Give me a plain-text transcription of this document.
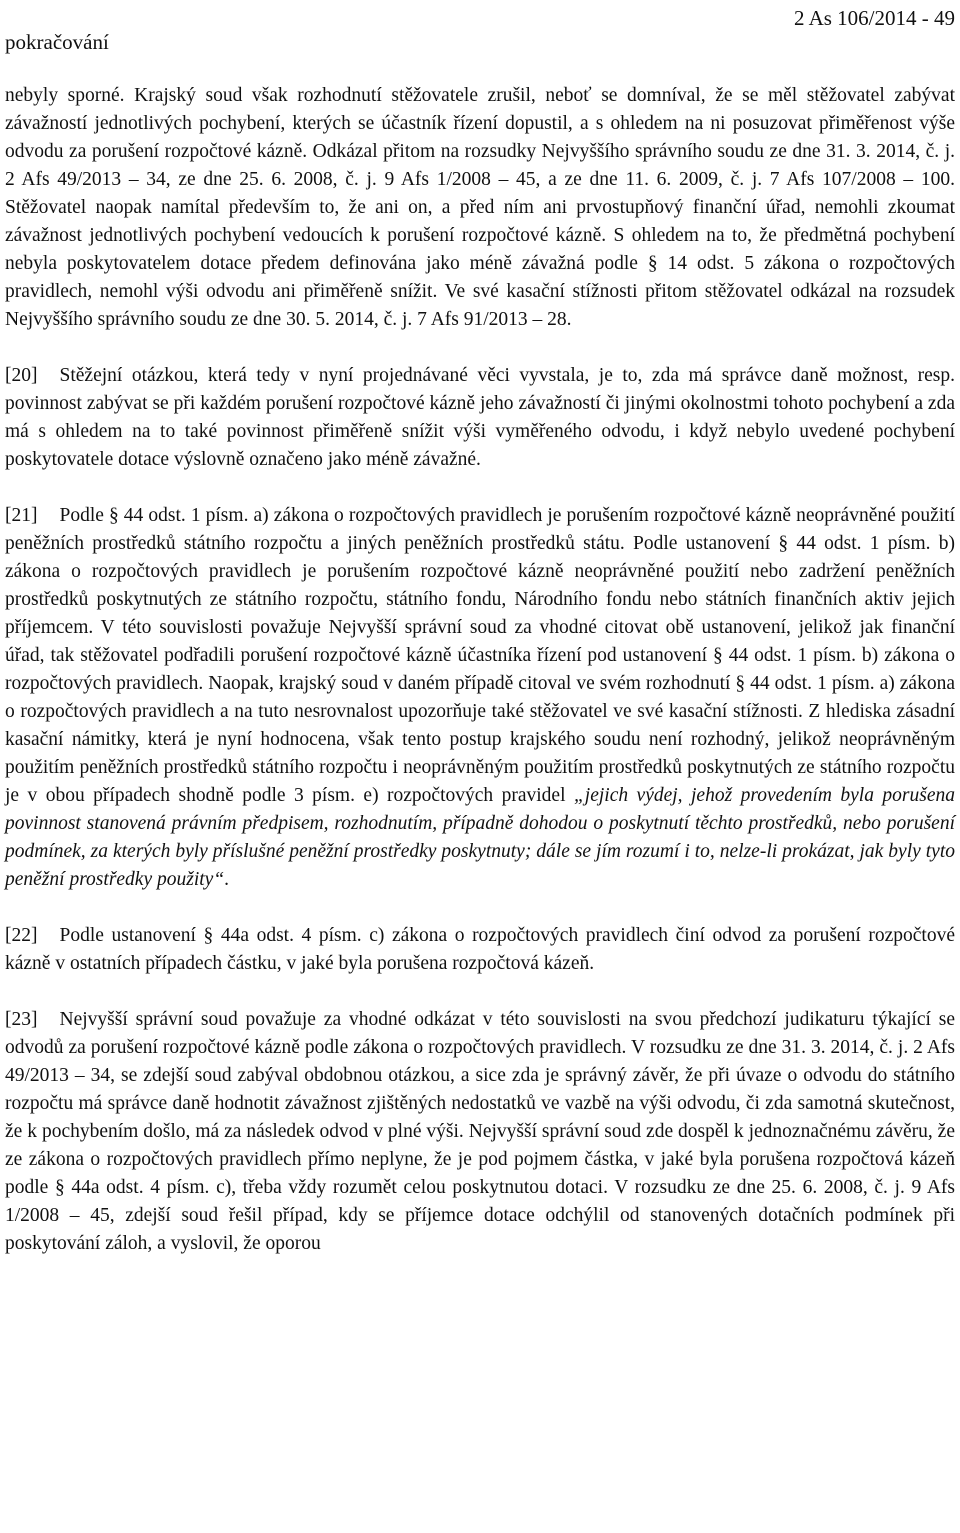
pokračování
2 As 106/2014 - 49

nebyly sporné. Krajský soud však rozhodnutí stěžovatele zrušil, neboť se domníval, že se měl stěžovatel zabývat závažností jednotlivých pochybení, kterých se účastník řízení dopustil, a s ohledem na ni posuzovat přiměřenost výše odvodu za porušení rozpočtové kázně. Odkázal přitom na rozsudky Nejvyššího správního soudu ze dne 31. 3. 2014, č. j. 2 Afs 49/2013 – 34, ze dne 25. 6. 2008, č. j. 9 Afs 1/2008 – 45, a ze dne 11. 6. 2009, č. j. 7 Afs 107/2008 – 100. Stěžovatel naopak namítal především to, že ani on, a před ním ani prvostupňový finanční úřad, nemohli zkoumat závažnost jednotlivých pochybení vedoucích k porušení rozpočtové kázně. S ohledem na to, že předmětná pochybení nebyla poskytovatelem dotace předem definována jako méně závažná podle § 14 odst. 5 zákona o rozpočtových pravidlech, nemohl výši odvodu ani přiměřeně snížit. Ve své kasační stížnosti přitom stěžovatel odkázal na rozsudek Nejvyššího správního soudu ze dne 30. 5. 2014, č. j. 7 Afs 91/2013 – 28.

[20] Stěžejní otázkou, která tedy v nyní projednávané věci vyvstala, je to, zda má správce daně možnost, resp. povinnost zabývat se při každém porušení rozpočtové kázně jeho závažností či jinými okolnostmi tohoto pochybení a zda má s ohledem na to také povinnost přiměřeně snížit výši vyměřeného odvodu, i když nebylo uvedené pochybení poskytovatele dotace výslovně označeno jako méně závažné.

[21] Podle § 44 odst. 1 písm. a) zákona o rozpočtových pravidlech je porušením rozpočtové kázně neoprávněné použití peněžních prostředků státního rozpočtu a jiných peněžních prostředků státu. Podle ustanovení § 44 odst. 1 písm. b) zákona o rozpočtových pravidlech je porušením rozpočtové kázně neoprávněné použití nebo zadržení peněžních prostředků poskytnutých ze státního rozpočtu, státního fondu, Národního fondu nebo státních finančních aktiv jejich příjemcem. V této souvislosti považuje Nejvyšší správní soud za vhodné citovat obě ustanovení, jelikož jak finanční úřad, tak stěžovatel podřadili porušení rozpočtové kázně účastníka řízení pod ustanovení § 44 odst. 1 písm. b) zákona o rozpočtových pravidlech. Naopak, krajský soud v daném případě citoval ve svém rozhodnutí § 44 odst. 1 písm. a) zákona o rozpočtových pravidlech a na tuto nesrovnalost upozorňuje také stěžovatel ve své kasační stížnosti. Z hlediska zásadní kasační námitky, která je nyní hodnocena, však tento postup krajského soudu není rozhodný, jelikož neoprávněným použitím peněžních prostředků státního rozpočtu i neoprávněným použitím prostředků poskytnutých ze státního rozpočtu je v obou případech shodně podle 3 písm. e) rozpočtových pravidel „jejich výdej, jehož provedením byla porušena povinnost stanovená právním předpisem, rozhodnutím, případně dohodou o poskytnutí těchto prostředků, nebo porušení podmínek, za kterých byly příslušné peněžní prostředky poskytnuty; dále se jím rozumí i to, nelze-li prokázat, jak byly tyto peněžní prostředky použity“.

[22] Podle ustanovení § 44a odst. 4 písm. c) zákona o rozpočtových pravidlech činí odvod za porušení rozpočtové kázně v ostatních případech částku, v jaké byla porušena rozpočtová kázeň.

[23] Nejvyšší správní soud považuje za vhodné odkázat v této souvislosti na svou předchozí judikaturu týkající se odvodů za porušení rozpočtové kázně podle zákona o rozpočtových pravidlech. V rozsudku ze dne 31. 3. 2014, č. j. 2 Afs 49/2013 – 34, se zdejší soud zabýval obdobnou otázkou, a sice zda je správný závěr, že při úvaze o odvodu do státního rozpočtu má správce daně hodnotit závažnost zjištěných nedostatků ve vazbě na výši odvodu, či zda samotná skutečnost, že k pochybením došlo, má za následek odvod v plné výši. Nejvyšší správní soud zde dospěl k jednoznačnému závěru, že ze zákona o rozpočtových pravidlech přímo neplyne, že je pod pojmem částka, v jaké byla porušena rozpočtová kázeň podle § 44a odst. 4 písm. c), třeba vždy rozumět celou poskytnutou dotaci. V rozsudku ze dne 25. 6. 2008, č. j. 9 Afs 1/2008 – 45, zdejší soud řešil případ, kdy se příjemce dotace odchýlil od stanovených dotačních podmínek při poskytování záloh, a vyslovil, že oporou
